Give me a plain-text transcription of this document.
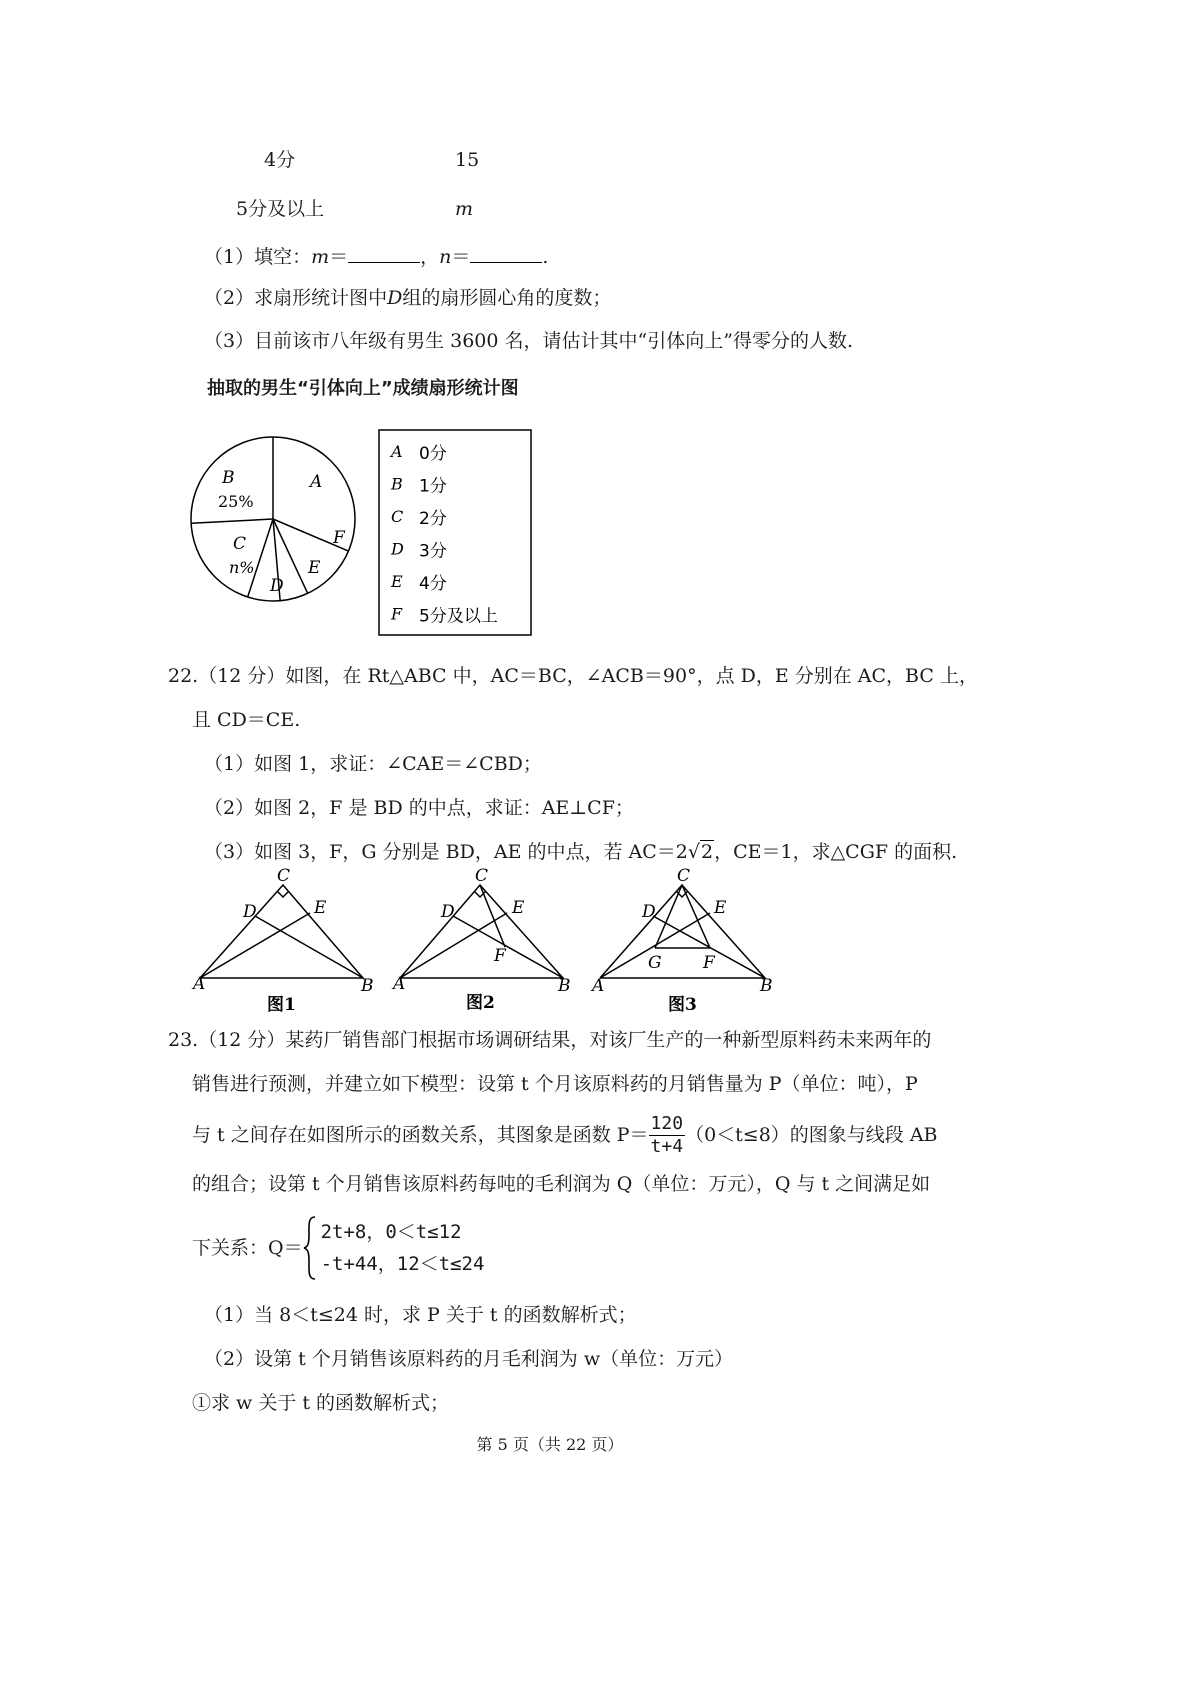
4分	15
5分及以上	m
（1）填空：m＝	，n＝	.
（2）求扇形统计图中D组的扇形圆心角的度数；
（3）目前该市八年级有男生 3600 名，请估计其中“引体向上”得零分的人数.
抽取的男生“引体向上”成绩扇形统计图
A
B
25%
C
n%
D
E
F
A 0分
B 1分
C 2分
D 3分
E 4分
F 5分及以上
22.（12 分）如图，在 Rt△ABC 中，AC＝BC，∠ACB＝90°，点 D，E 分别在 AC，BC 上，
且 CD＝CE.
（1）如图 1，求证：∠CAE＝∠CBD；
（2）如图 2，F 是 BD 的中点，求证：AE⊥CF；
（3）如图 3，F，G 分别是 BD，AE 的中点，若 AC＝2√2，CE＝1，求△CGF 的面积.
C
D	E
A	B
C
D	E
F
A	B
C
D	E
G F
A	B
图1	图2	图3
23.（12 分）某药厂销售部门根据市场调研结果，对该厂生产的一种新型原料药未来两年的
销售进行预测，并建立如下模型：设第 t 个月该原料药的月销售量为 P（单位：吨），P
与 t 之间存在如图所示的函数关系，其图象是函数 $P= \frac{120}{t+4} (0<t\le 8)$的图象与线段 AB
的组合；设第 t 个月销售该原料药每吨的毛利润为 Q（单位：万元），Q 与 t 之间满足如
下关系：Q＝
2t+8，0＜t≤12
-t+44，12＜t≤24
（1）当 8＜t≤24 时，求 P 关于 t 的函数解析式；
（2）设第 t 个月销售该原料药的月毛利润为 w（单位：万元）
①求 w 关于 t 的函数解析式；
第 5 页（共 22 页）
